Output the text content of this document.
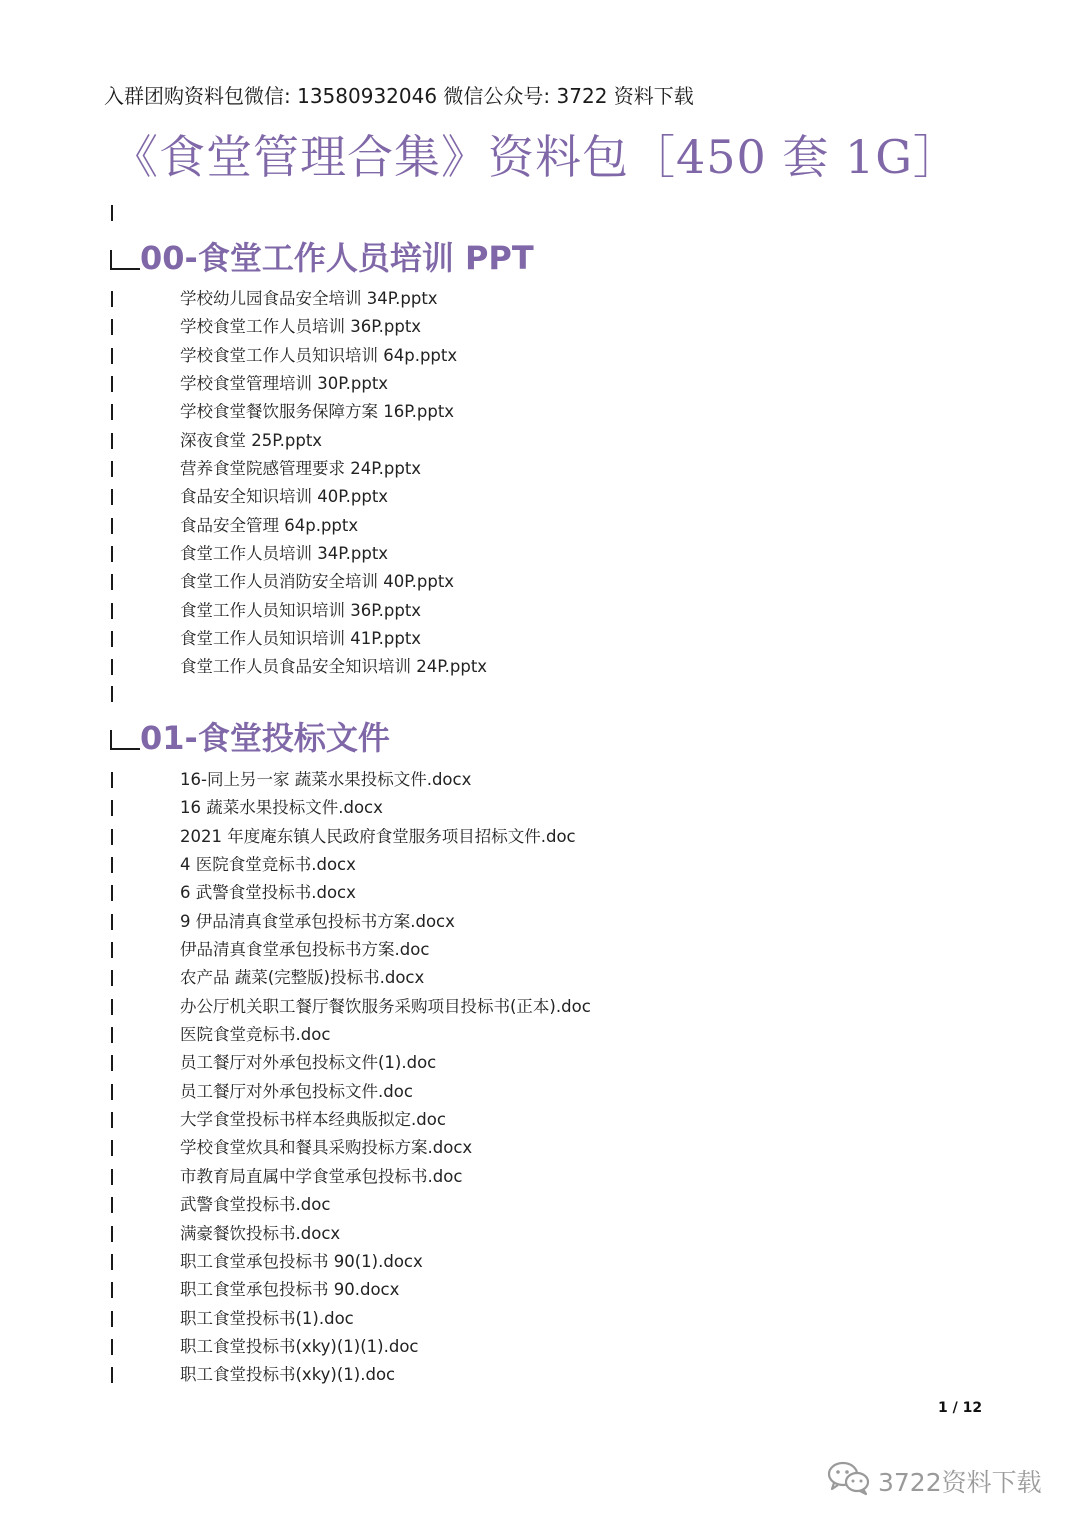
入群团购资料包微信: 13580932046 微信公众号: 3722 资料下载
《食堂管理合集》资料包［450 套 1G］
00-食堂工作人员培训 PPT
学校幼儿园食品安全培训 34P.pptx
学校食堂工作人员培训 36P.pptx
学校食堂工作人员知识培训 64p.pptx
学校食堂管理培训 30P.pptx
学校食堂餐饮服务保障方案 16P.pptx
深夜食堂 25P.pptx
营养食堂院感管理要求 24P.pptx
食品安全知识培训 40P.pptx
食品安全管理 64p.pptx
食堂工作人员培训 34P.pptx
食堂工作人员消防安全培训 40P.pptx
食堂工作人员知识培训 36P.pptx
食堂工作人员知识培训 41P.pptx
食堂工作人员食品安全知识培训 24P.pptx
01-食堂投标文件
16-同上另一家 蔬菜水果投标文件.docx
16 蔬菜水果投标文件.docx
2021 年度庵东镇人民政府食堂服务项目招标文件.doc
4 医院食堂竞标书.docx
6 武警食堂投标书.docx
9 伊品清真食堂承包投标书方案.docx
伊品清真食堂承包投标书方案.doc
农产品 蔬菜(完整版)投标书.docx
办公厅机关职工餐厅餐饮服务采购项目投标书(正本).doc
医院食堂竞标书.doc
员工餐厅对外承包投标文件(1).doc
员工餐厅对外承包投标文件.doc
大学食堂投标书样本经典版拟定.doc
学校食堂炊具和餐具采购投标方案.docx
市教育局直属中学食堂承包投标书.doc
武警食堂投标书.doc
满豪餐饮投标书.docx
职工食堂承包投标书 90(1).docx
职工食堂承包投标书 90.docx
职工食堂投标书(1).doc
职工食堂投标书(xky)(1)(1).doc
职工食堂投标书(xky)(1).doc
1 / 12
3722资料下载
